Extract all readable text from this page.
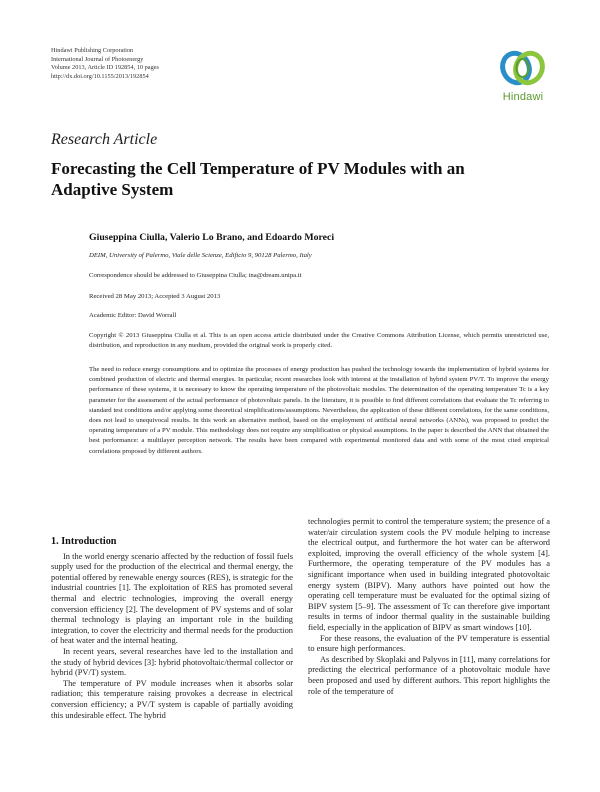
Hindawi Publishing Corporation
International Journal of Photoenergy
Volume 2013, Article ID 192854, 10 pages
http://dx.doi.org/10.1155/2013/192854
Hindawi
Research Article
Forecasting the Cell Temperature of PV Modules with an Adaptive System
Giuseppina Ciulla, Valerio Lo Brano, and Edoardo Moreci
DEIM, University of Palermo, Viale delle Scienze, Edificio 9, 90128 Palermo, Italy
Correspondence should be addressed to Giuseppina Ciulla; ina@dream.unipa.it
Received 28 May 2013; Accepted 3 August 2013
Academic Editor: David Worrall
Copyright © 2013 Giuseppina Ciulla et al. This is an open access article distributed under the Creative Commons Attribution License, which permits unrestricted use, distribution, and reproduction in any medium, provided the original work is properly cited.
The need to reduce energy consumptions and to optimize the processes of energy production has pushed the technology towards the implementation of hybrid systems for combined production of electric and thermal energies. In particular, recent researches look with interest at the installation of hybrid system PV/T. To improve the energy performance of these systems, it is necessary to know the operating temperature of the photovoltaic modules. The determination of the operating temperature Tc is a key parameter for the assessment of the actual performance of photovoltaic panels. In the literature, it is possible to find different correlations that evaluate the Tc referring to standard test conditions and/or applying some theoretical simplifications/assumptions. Nevertheless, the application of these different correlations, for the same conditions, does not lead to unequivocal results. In this work an alternative method, based on the employment of artificial neural networks (ANNs), was proposed to predict the operating temperature of a PV module. This methodology does not require any simplification or physical assumptions. In the paper is described the ANN that obtained the best performance: a multilayer perception network. The results have been compared with experimental monitored data and with some of the most cited empirical correlations proposed by different authors.
1. Introduction

In the world energy scenario affected by the reduction of fossil fuels supply used for the production of the electrical and thermal energy, the potential offered by renewable energy sources (RES), is strategic for the industrial countries [1]. The exploitation of RES has promoted several thermal and electric technologies, improving the overall energy conversion efficiency [2]. The development of PV systems and of solar thermal technology is playing an important role in the building integration, to cover the electricity and thermal needs for the production of heat water and the internal heating.

In recent years, several researches have led to the installation and the study of hybrid devices [3]: hybrid photovoltaic/thermal collector or hybrid (PV/T) system.

The temperature of PV module increases when it absorbs solar radiation; this temperature raising provokes a decrease in electrical conversion efficiency; a PV/T system is capable of partially avoiding this undesirable effect. The hybrid

technologies permit to control the temperature system; the presence of a water/air circulation system cools the PV module helping to increase the electrical output, and furthermore the hot water can be afterword exploited, improving the overall efficiency of the whole system [4]. Furthermore, the operating temperature of the PV modules has a significant importance when used in building integrated photovoltaic energy system (BIPV). Many authors have pointed out how the operating cell temperature must be evaluated for the optimal sizing of BIPV system [5–9]. The assessment of Tc can therefore give important results in terms of indoor thermal quality in the sustainable building field, especially in the application of BIPV as smart windows [10].

For these reasons, the evaluation of the PV temperature is essential to ensure high performances.

As described by Skoplaki and Palyvos in [11], many correlations for predicting the electrical performance of a photovoltaic module have been proposed and used by different authors. This report highlights the role of the temperature of
